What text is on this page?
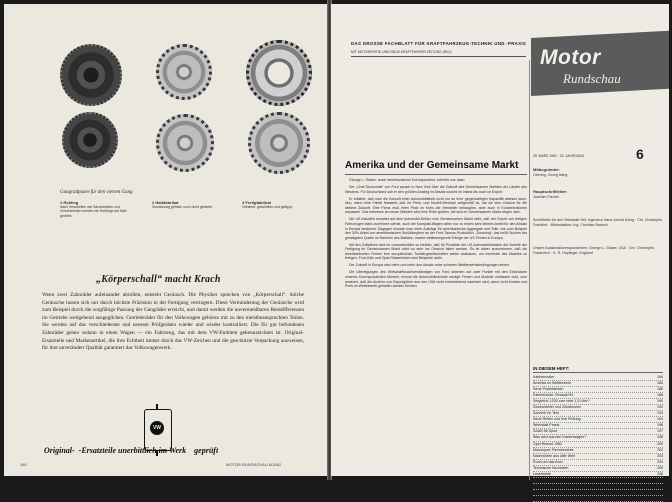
Gangradpaare für den vierten Gang
1 Rohling
Nach Vorarbeiten wie Sandstrahlen und Vorschmieden werden die Rohlinge auf Maß gedreht.
2 Halbfabrikat
Verzahnung gefräst, noch nicht gehärtet.
3 Fertigfabrikat
Gehärtet, geschliffen und geläppt.
„Körperschall“ macht Krach
Wenn zwei Zahnräder aufeinander abrollen, entsteht Geräusch. Die Physiker sprechen von „Körperschall“. Solche Geräusche lassen sich nur durch höchste Präzision in der Fertigung verringern. Diese Verminderung der Geräusche wird zum Beispiel durch die sorgfältige Passung der Gangräder erreicht, und damit werden die unvermeidbaren Restdifferenzen im Getriebe weitgehend ausgeglichen. Getrieberäder für den Volkswagen gehören mit zu den meistbeanspruchten Teilen. Sie werden auf das verschiedenste und neueste Prüfgeräten wieder und wieder kontrolliert. Die für gut befundenen Zahnräder gehen sodann in einen Wagen — ein Fahrzeug, das mit dem VW-Emblem gekennzeichnet ist. Original-Ersatzteile und Markenartikel, die ihre Echtheit immer durch das VW-Zeichen und die geschützte Verpackung ausweisen, für ihre unverändert Qualität garantiert das Volkswagenwerk.
VW
Original- -Ersatzteile unerbittlich im Werk geprüft
180	MOTOR-RUNDSCHAU 6/1962
DAS GROSSE FACHBLATT FÜR KRAFTFAHRZEUG-TECHNIK UND -PRAXIS
MIT MOTORKRITIK UND NEUE KRAFTFAHRER-ZEITUNG (NKZ)	Motor
Rundschau
25. MÄRZ 1962 · 33. JAHRGANG	6
Amerika und der Gemeinsame Markt

George L. Glaser, unser amerikanischer Korrespondent, schreibt uns dazu:

Der „Chef-Ökonomist“ von Ford sprach in New York über die Zukunft des Gemeinsamen Marktes der Länder des Westens. Für Deutschland sah er den größten Anstieg im Absatz sowohl im Inland als auch im Export.

Er erklärte, daß man die Zukunft einer Automobilfabrik nicht nur an ihrer gegenwärtigen Kapazität ablesen kann. Nun, wenn eine Fabrik feststellt, daß ihr Preis- und Modell-Wechsel zeitgemäß ist, hat sie eine Chance für die weitere Zukunft. Eine Firma muß ihren Platz im Kreis der Hersteller behaupten, aber auch in Konzentrationen anpassen. Das Interesse an neuen Märkten wird eine Rolle spielen, die sich im Gemeinsamen Markt zeigen wird.

Die US-Industrie erwartet auf dem Automobil-Sektor vom Gemeinsamen Markt nicht, daß der Export von fertigen Fahrzeugen stark zunehmen werde, auch die Kompakt-Wagen seien nur zu einem sehr kleinen Anteil für den Absatz in Europa bestimmt. Dagegen erwarte man mehr Aufträge für amerikanische Aggregate und Teile, wie zum Beispiel den 30%-Anteil von amerikanischen Stoßdämpfern an der Ford-Taunus-Produktion. „Sourcing“, das heißt Suchen der günstigsten Quelle im Rahmen des Marktes, mache weltbewegende Erfolge der US-Firmen in Europa.

Mit den Zollsätzen wird es voraussichtlich so bleiben, daß für Produkte der US-Automobilindustrie die Vorteile der Fertigung im Gemeinsamen Markt nicht so sehr ins Gewicht fallen werden. Es ist daher anzunehmen, daß die amerikanischen Firmen ihre europäischen Tochtergesellschaften weiter ausbauen, um innerhalb des Marktes zu fertigen. Ford-Köln und Opel-Rüsselsheim sind Beispiele dafür.

Der Zukunft in Europa wird mehr und mehr den Absatz unter scharfen Wettbewerbsbedingungen sehen.

Die Überlegungen des Wirtschaftssachverständigen von Ford stimmen auf zwei Punkte mit den Eindrücken unseres Korrespondenten überein: einmal die Automobilindustrie wenige Firmen und Modelle umfassen wird, zum anderen, daß die Ausfuhr von Exportgütern aus den USA nicht entscheidend wachsen wird, wenn nicht Kosten und Preis im Wettbewerb gehalten werden können.

Mitbegründer:
Oberlng. Georg Isting
Hauptschriftleiter:
Joachim Fischer
Schriftleiter für den Werkstatt-Teil: Ingenieur Hans-Arnold König · Chr. Christophe, Frankfurt · Bildredaktion: Ing. Christian Bartsch
Unsere Auslandskorrespondenten: George L. Glaser, USA · Chr. Christophe, Frankreich · K. R. Hopfinger, England
IN DIESEM HEFT:
Kabinenroller	184
Amerika im Wettbewerb	185
Neue Probefahrten	186
Fahrberichte: Renault R4	188
Vergleich: 1200 ccm oder 1,5 Liter?	190
Zündverteiler und Zündkerzen	192
Zubehör im Test	193
Neue Reifen und ihre Prüfung	194
Werkstatt-Praxis	196
SAAB 96 Sport	197
Was wird aus den Kastenwagen?	198
Opel Rekord 1962	200
Motorsport: Rennberichte	202
Nachrichten aus aller Welt	203
Rund um das Auto	204
Technische Neuheiten	205
Leserbriefe	206
Bücherschau	207
Mitteilungen des ADAC	208
Aus der Wirtschaft	210
Größte Sachaufgaben für die europäischen Partner	212
